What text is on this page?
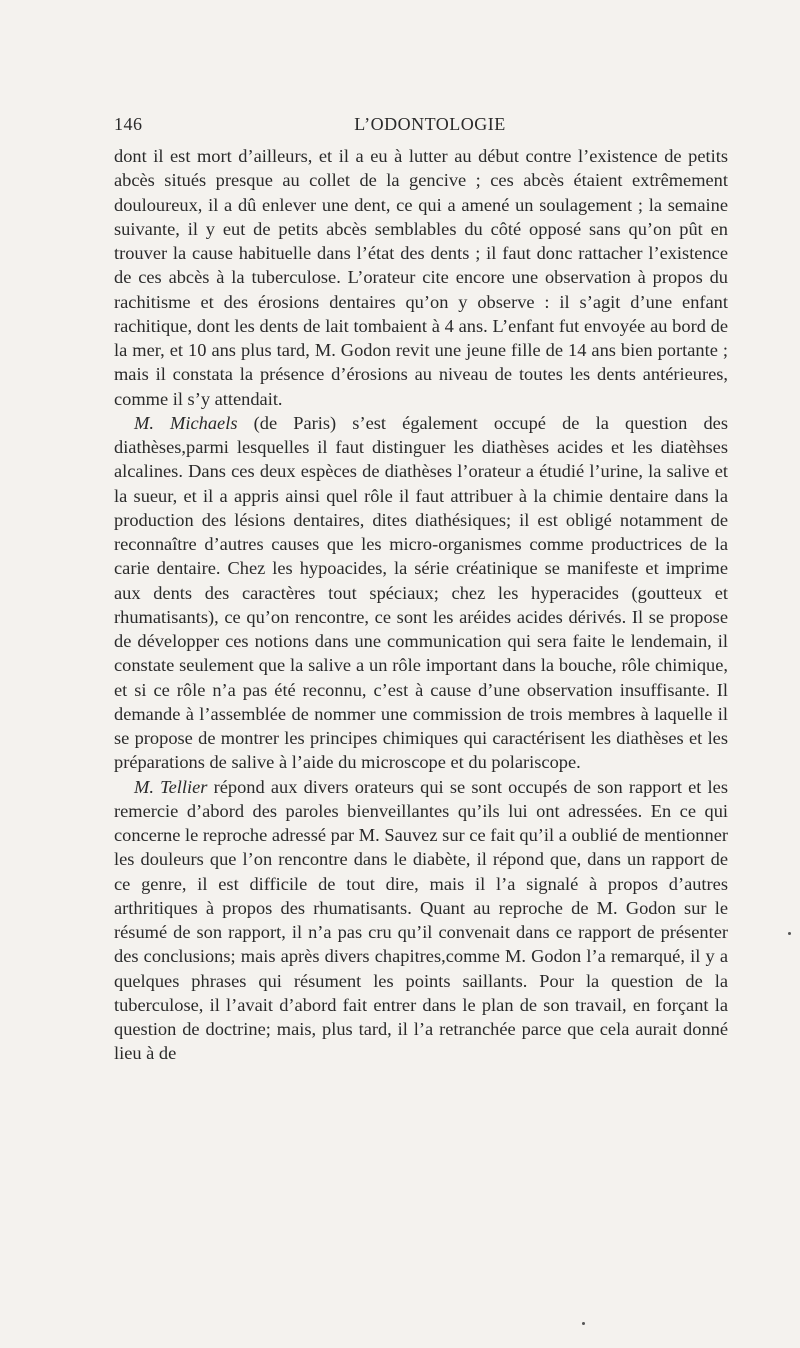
146	L’ODONTOLOGIE

dont il est mort d’ailleurs, et il a eu à lutter au début contre l’existence de petits abcès situés presque au collet de la gencive ; ces abcès étaient extrêmement douloureux, il a dû enlever une dent, ce qui a amené un soulagement ; la semaine suivante, il y eut de petits abcès semblables du côté opposé sans qu’on pût en trouver la cause habituelle dans l’état des dents ; il faut donc rattacher l’existence de ces abcès à la tuberculose. L’orateur cite encore une observation à propos du rachitisme et des érosions dentaires qu’on y observe : il s’agit d’une enfant rachitique, dont les dents de lait tombaient à 4 ans. L’enfant fut envoyée au bord de la mer, et 10 ans plus tard, M. Godon revit une jeune fille de 14 ans bien portante ; mais il constata la présence d’érosions au niveau de toutes les dents antérieures, comme il s’y attendait.

M. Michaels (de Paris) s’est également occupé de la question des diathèses,parmi lesquelles il faut distinguer les diathèses acides et les diatèhses alcalines. Dans ces deux espèces de diathèses l’orateur a étudié l’urine, la salive et la sueur, et il a appris ainsi quel rôle il faut attribuer à la chimie dentaire dans la production des lésions dentaires, dites diathésiques; il est obligé notamment de reconnaître d’autres causes que les micro-organismes comme productrices de la carie dentaire. Chez les hypoacides, la série créatinique se manifeste et imprime aux dents des caractères tout spéciaux; chez les hyperacides (goutteux et rhumatisants), ce qu’on rencontre, ce sont les aréides acides dérivés. Il se propose de développer ces notions dans une communication qui sera faite le lendemain, il constate seulement que la salive a un rôle important dans la bouche, rôle chimique, et si ce rôle n’a pas été reconnu, c’est à cause d’une observation insuffisante. Il demande à l’assemblée de nommer une commission de trois membres à laquelle il se propose de montrer les principes chimiques qui caractérisent les diathèses et les préparations de salive à l’aide du microscope et du polariscope.

M. Tellier répond aux divers orateurs qui se sont occupés de son rapport et les remercie d’abord des paroles bienveillantes qu’ils lui ont adressées. En ce qui concerne le reproche adressé par M. Sauvez sur ce fait qu’il a oublié de mentionner les douleurs que l’on rencontre dans le diabète, il répond que, dans un rapport de ce genre, il est difficile de tout dire, mais il l’a signalé à propos d’autres arthritiques à propos des rhumatisants. Quant au reproche de M. Godon sur le résumé de son rapport, il n’a pas cru qu’il convenait dans ce rapport de présenter des conclusions; mais après divers chapitres,comme M. Godon l’a remarqué, il y a quelques phrases qui résument les points saillants. Pour la question de la tuberculose, il l’avait d’abord fait entrer dans le plan de son travail, en forçant la question de doctrine; mais, plus tard, il l’a retranchée parce que cela aurait donné lieu à de
